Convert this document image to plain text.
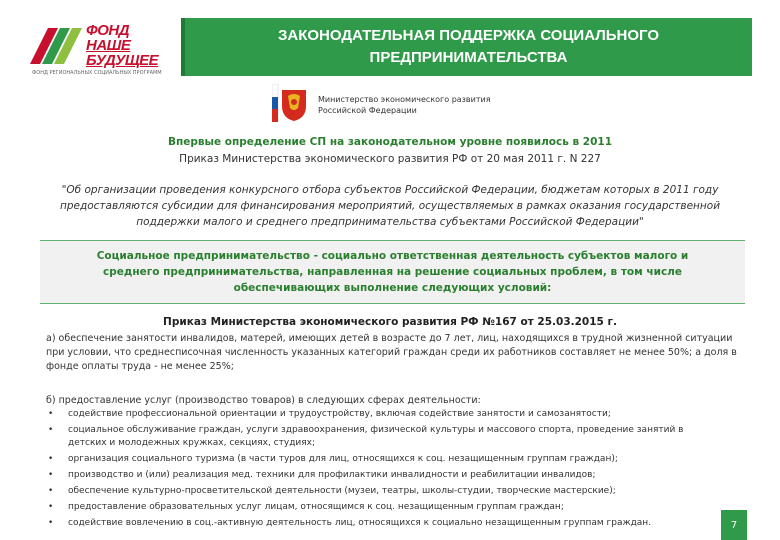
ФОНД
НАШЕ
БУДУЩЕЕ
ФОНД РЕГИОНАЛЬНЫХ СОЦИАЛЬНЫХ ПРОГРАММ
ЗАКОНОДАТЕЛЬНАЯ ПОДДЕРЖКА СОЦИАЛЬНОГО ПРЕДПРИНИМАТЕЛЬСТВА
Министерство экономического развития
Российской Федерации
Впервые определение СП на законодательном уровне появилось в 2011
Приказ Министерства экономического развития РФ от 20 мая 2011 г. N 227
"Об организации проведения конкурсного отбора субъектов Российской Федерации, бюджетам которых в 2011 году предоставляются субсидии для финансирования мероприятий, осуществляемых в рамках оказания государственной поддержки малого и среднего предпринимательства субъектами Российской Федерации"
Социальное предпринимательство - социально ответственная деятельность субъектов малого и среднего предпринимательства, направленная на решение социальных проблем, в том числе обеспечивающих выполнение следующих условий:
Приказ Министерства экономического развития РФ №167 от 25.03.2015 г.
а) обеспечение занятости инвалидов, матерей, имеющих детей в возрасте до 7 лет, лиц, находящихся в трудной жизненной ситуации при условии, что среднесписочная численность указанных категорий граждан среди их работников составляет не менее 50%; а доля в фонде оплаты труда - не менее 25%;
б) предоставление услуг (производство товаров) в следующих сферах деятельности:
• содействие профессиональной ориентации и трудоустройству, включая содействие занятости и самозанятости;
• социальное обслуживание граждан, услуги здравоохранения, физической культуры и массового спорта, проведение занятий в детских и молодежных кружках, секциях, студиях;
• организация социального туризма (в части туров для лиц, относящихся к соц. незащищенным группам граждан);
• производство и (или) реализация мед. техники для профилактики инвалидности и реабилитации инвалидов;
• обеспечение культурно-просветительской деятельности (музеи, театры, школы-студии, творческие мастерские);
• предоставление образовательных услуг лицам, относящимся к соц. незащищенным группам граждан;
• содействие вовлечению в соц.-активную деятельность лиц, относящихся к социально незащищенным группам граждан.	7
